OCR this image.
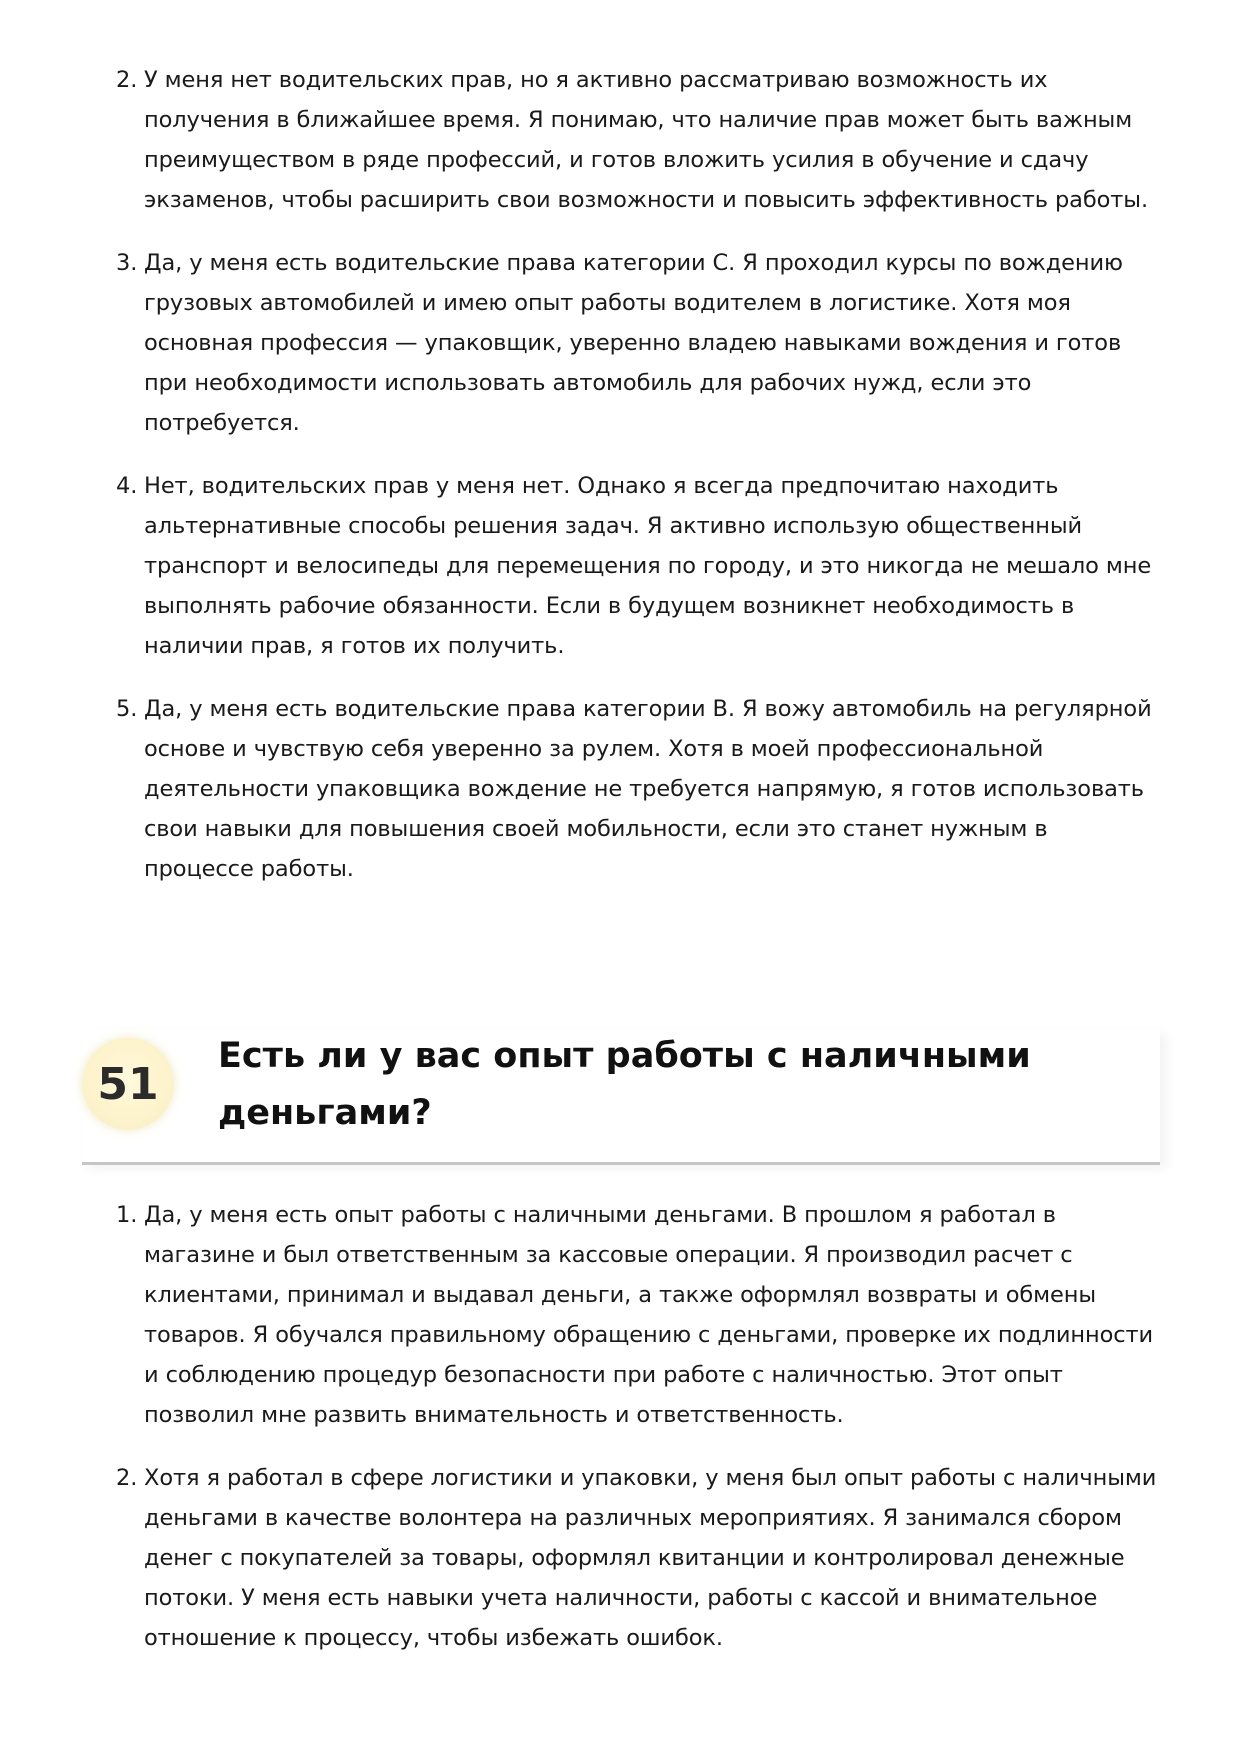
2. У меня нет водительских прав, но я активно рассматриваю возможность их получения в ближайшее время. Я понимаю, что наличие прав может быть важным преимуществом в ряде профессий, и готов вложить усилия в обучение и сдачу экзаменов, чтобы расширить свои возможности и повысить эффективность работы.
3. Да, у меня есть водительские права категории C. Я проходил курсы по вождению грузовых автомобилей и имею опыт работы водителем в логистике. Хотя моя основная профессия — упаковщик, уверенно владею навыками вождения и готов при необходимости использовать автомобиль для рабочих нужд, если это потребуется.
4. Нет, водительских прав у меня нет. Однако я всегда предпочитаю находить альтернативные способы решения задач. Я активно использую общественный транспорт и велосипеды для перемещения по городу, и это никогда не мешало мне выполнять рабочие обязанности. Если в будущем возникнет необходимость в наличии прав, я готов их получить.
5. Да, у меня есть водительские права категории B. Я вожу автомобиль на регулярной основе и чувствую себя уверенно за рулем. Хотя в моей профессиональной деятельности упаковщика вождение не требуется напрямую, я готов использовать свои навыки для повышения своей мобильности, если это станет нужным в процессе работы.
51
Есть ли у вас опыт работы с наличными деньгами?
1. Да, у меня есть опыт работы с наличными деньгами. В прошлом я работал в магазине и был ответственным за кассовые операции. Я производил расчет с клиентами, принимал и выдавал деньги, а также оформлял возвраты и обмены товаров. Я обучался правильному обращению с деньгами, проверке их подлинности и соблюдению процедур безопасности при работе с наличностью. Этот опыт позволил мне развить внимательность и ответственность.
2. Хотя я работал в сфере логистики и упаковки, у меня был опыт работы с наличными деньгами в качестве волонтера на различных мероприятиях. Я занимался сбором денег с покупателей за товары, оформлял квитанции и контролировал денежные потоки. У меня есть навыки учета наличности, работы с кассой и внимательное отношение к процессу, чтобы избежать ошибок.
